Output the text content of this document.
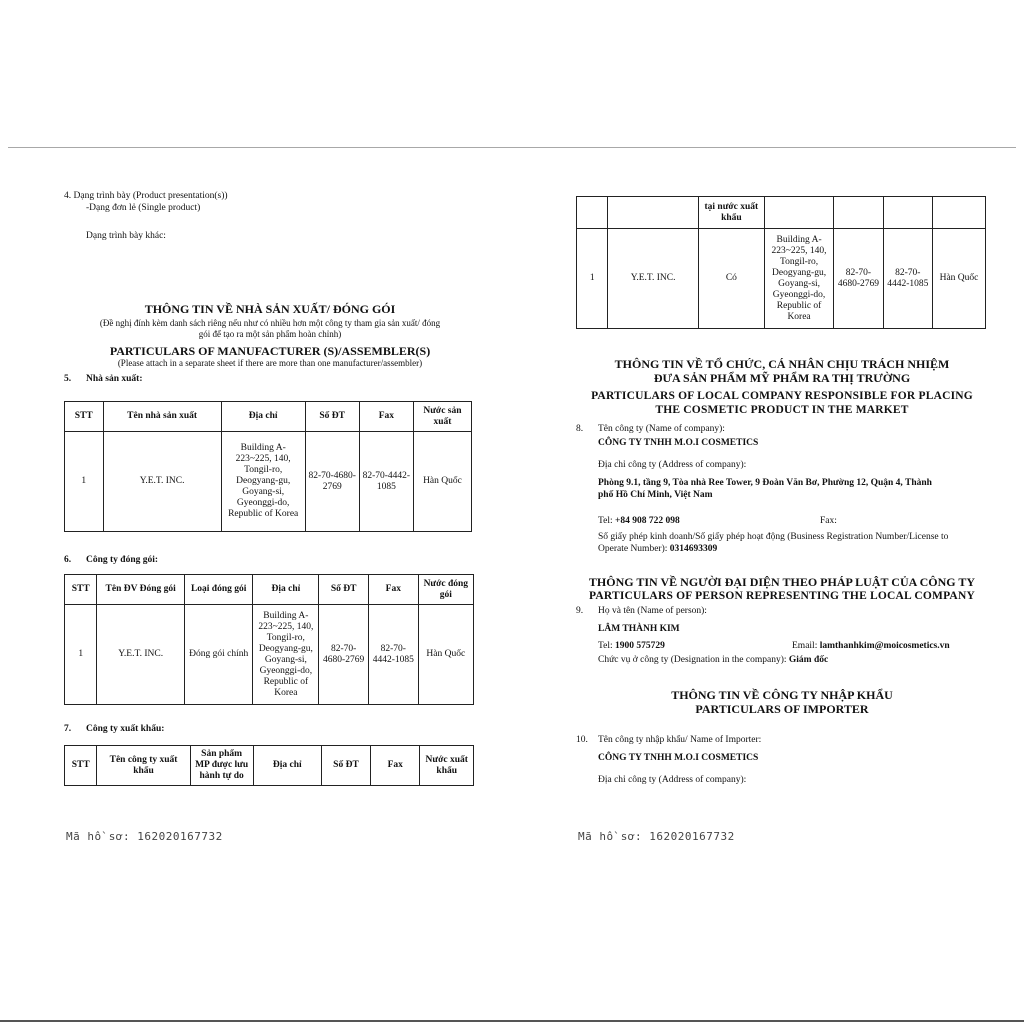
4. Dạng trình bày (Product presentation(s))

-Dạng đơn lẻ (Single product)

Dạng trình bày khác:

THÔNG TIN VỀ NHÀ SẢN XUẤT/ ĐÓNG GÓI

(Đề nghị đính kèm danh sách riêng nếu như có nhiều hơn một công ty tham gia sản xuất/ đóng

gói để tạo ra một sản phẩm hoàn chỉnh)

PARTICULARS OF MANUFACTURER (S)/ASSEMBLER(S)

(Please attach in a separate sheet if there are more than one manufacturer/assembler)

5. Nhà sản xuất:

STT	Tên nhà sản xuất	Địa chỉ	Số ĐT	Fax	Nước sản xuất
1	Y.E.T. INC.	Building A-223~225, 140, Tongil-ro, Deogyang-gu, Goyang-si, Gyeonggi-do, Republic of Korea	82-70-4680-2769	82-70-4442-1085	Hàn Quốc

6. Công ty đóng gói:

STT	Tên ĐV Đóng gói	Loại đóng gói	Địa chỉ	Số ĐT	Fax	Nước đóng gói
1	Y.E.T. INC.	Đóng gói chính	Building A-223~225, 140, Tongil-ro, Deogyang-gu, Goyang-si, Gyeonggi-do, Republic of Korea	82-70-4680-2769	82-70-4442-1085	Hàn Quốc

7. Công ty xuất khẩu:

STT	Tên công ty xuất khẩu	Sản phẩm MP được lưu hành tự do	Địa chỉ	Số ĐT	Fax	Nước xuất khẩu
Mã hồ sơ: 162020167732
		tại nước xuất khẩu				
1	Y.E.T. INC.	Có	Building A-223~225, 140, Tongil-ro, Deogyang-gu, Goyang-si, Gyeonggi-do, Republic of Korea	82-70-4680-2769	82-70-4442-1085	Hàn Quốc

THÔNG TIN VỀ TỔ CHỨC, CÁ NHÂN CHỊU TRÁCH NHIỆM

ĐƯA SẢN PHẨM MỸ PHẨM RA THỊ TRƯỜNG

PARTICULARS OF LOCAL COMPANY RESPONSIBLE FOR PLACING

THE COSMETIC PRODUCT IN THE MARKET

8. Tên công ty (Name of company):

CÔNG TY TNHH M.O.I COSMETICS

Địa chỉ công ty (Address of company):

Phòng 9.1, tầng 9, Tòa nhà Ree Tower, 9 Đoàn Văn Bơ, Phường 12, Quận 4, Thành

phố Hồ Chí Minh, Việt Nam

Tel: +84 908 722 098	Fax:

Số giấy phép kinh doanh/Số giấy phép hoạt động (Business Registration Number/License to

Operate Number): 0314693309

THÔNG TIN VỀ NGƯỜI ĐẠI DIỆN THEO PHÁP LUẬT CỦA CÔNG TY

PARTICULARS OF PERSON REPRESENTING THE LOCAL COMPANY

9. Họ và tên (Name of person):

LÂM THÀNH KIM

Tel: 1900 575729	Email: lamthanhkim@moicosmetics.vn

Chức vụ ở công ty (Designation in the company): Giám đốc

THÔNG TIN VỀ CÔNG TY NHẬP KHẨU

PARTICULARS OF IMPORTER

10. Tên công ty nhập khẩu/ Name of Importer:

CÔNG TY TNHH M.O.I COSMETICS

Địa chỉ công ty (Address of company):

Mã hồ sơ: 162020167732
